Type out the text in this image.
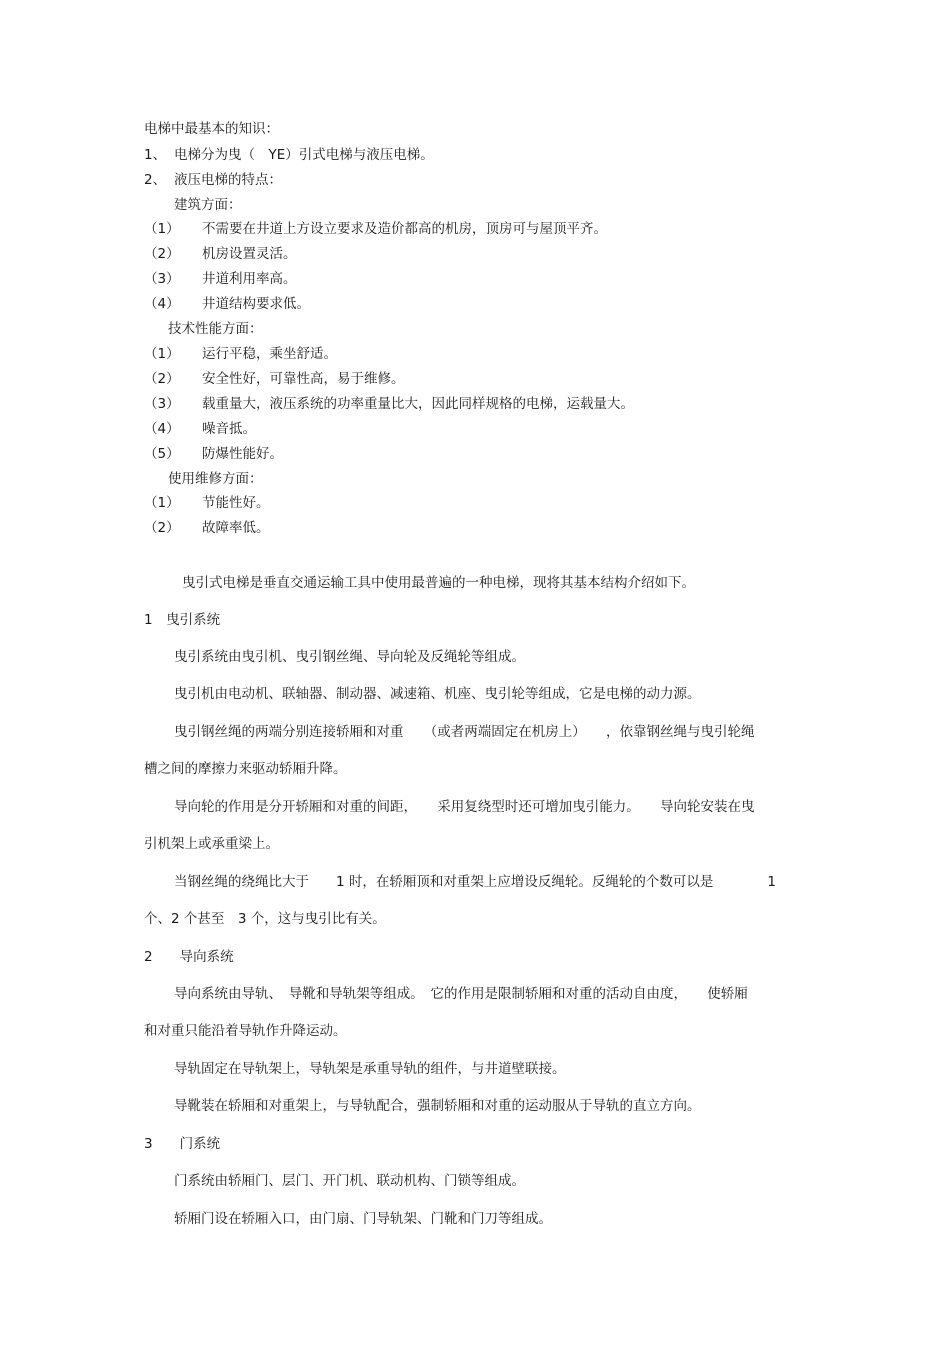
电梯中最基本的知识：
1、 电梯分为曳（　YE）引式电梯与液压电梯。
2、 液压电梯的特点：
建筑方面：
（1） 不需要在井道上方设立要求及造价都高的机房，顶房可与屋顶平齐。
（2） 机房设置灵活。
（3） 井道利用率高。
（4） 井道结构要求低。
技术性能方面：
（1） 运行平稳，乘坐舒适。
（2） 安全性好，可靠性高，易于维修。
（3） 载重量大，液压系统的功率重量比大，因此同样规格的电梯，运载量大。
（4） 噪音抵。
（5） 防爆性能好。
使用维修方面：
（1） 节能性好。
（2） 故障率低。
曳引式电梯是垂直交通运输工具中使用最普遍的一种电梯，现将其基本结构介绍如下。
1　曳引系统
曳引系统由曳引机、曳引钢丝绳、导向轮及反绳轮等组成。
曳引机由电动机、联轴器、制动器、减速箱、机座、曳引轮等组成，它是电梯的动力源。
曳引钢丝绳的两端分别连接轿厢和对重　　（或者两端固定在机房上）　　，依靠钢丝绳与曳引轮绳
槽之间的摩擦力来驱动轿厢升降。
导向轮的作用是分开轿厢和对重的间距，　　采用复绕型时还可增加曳引能力。　　导向轮安装在曳
引机架上或承重梁上。
当钢丝绳的绕绳比大于　　1 时，在轿厢顶和对重架上应增设反绳轮。反绳轮的个数可以是　　　　1
个、2 个甚至　3 个，这与曳引比有关。
2　　导向系统
导向系统由导轨、　导靴和导轨架等组成。　它的作用是限制轿厢和对重的活动自由度，　　使轿厢
和对重只能沿着导轨作升降运动。
导轨固定在导轨架上，导轨架是承重导轨的组件，与井道壁联接。
导靴装在轿厢和对重架上，与导轨配合，强制轿厢和对重的运动服从于导轨的直立方向。
3　　门系统
门系统由轿厢门、层门、开门机、联动机构、门锁等组成。
轿厢门设在轿厢入口，由门扇、门导轨架、门靴和门刀等组成。
